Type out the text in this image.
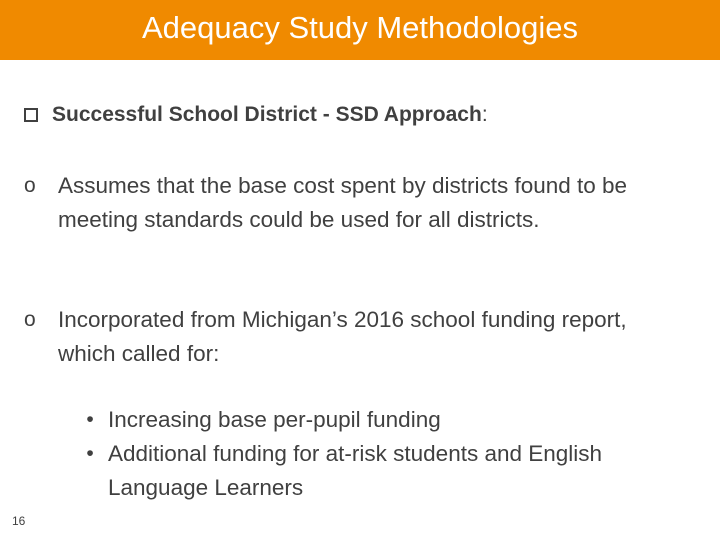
Adequacy Study Methodologies
Successful School District - SSD Approach :
o Assumes that the base cost spent by districts found to be meeting standards could be used for all districts.
o Incorporated from Michigan’s 2016 school funding report, which called for:
• Increasing base per-pupil funding
• Additional funding for at-risk students and English Language Learners
16
